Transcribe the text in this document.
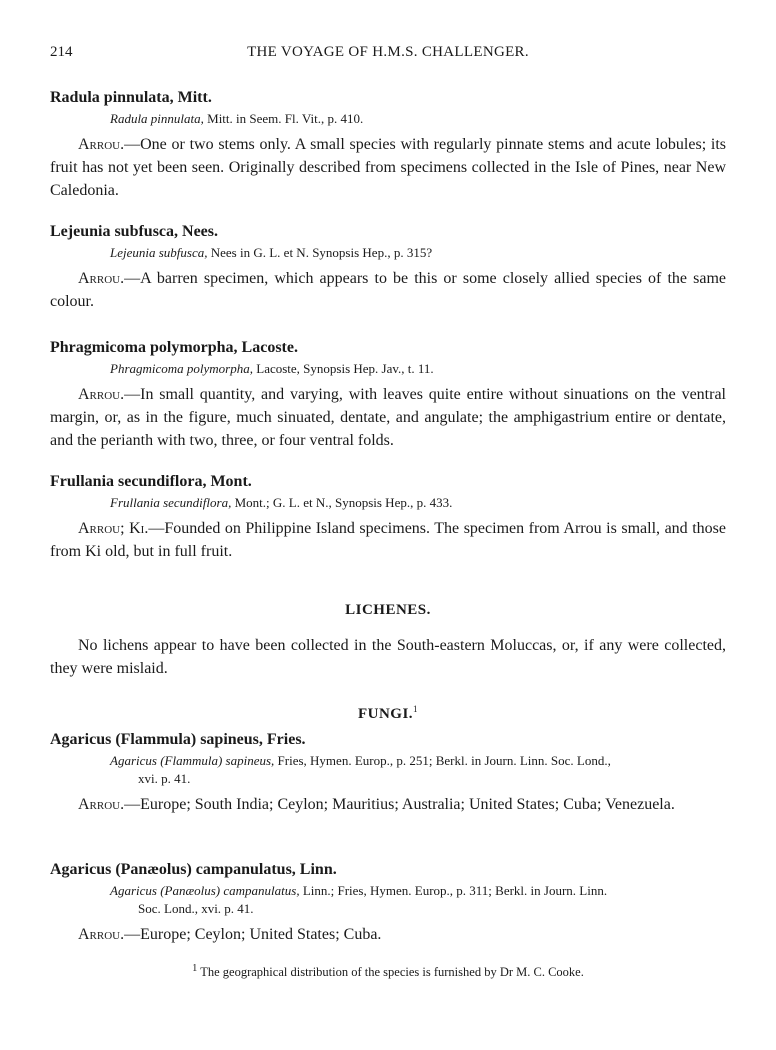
214	THE VOYAGE OF H.M.S. CHALLENGER.
Radula pinnulata, Mitt.
Radula pinnulata, Mitt. in Seem. Fl. Vit., p. 410.
Arrou.—One or two stems only. A small species with regularly pinnate stems and acute lobules; its fruit has not yet been seen. Originally described from specimens collected in the Isle of Pines, near New Caledonia.
Lejeunia subfusca, Nees.
Lejeunia subfusca, Nees in G. L. et N. Synopsis Hep., p. 315?
Arrou.—A barren specimen, which appears to be this or some closely allied species of the same colour.
Phragmicoma polymorpha, Lacoste.
Phragmicoma polymorpha, Lacoste, Synopsis Hep. Jav., t. 11.
Arrou.—In small quantity, and varying, with leaves quite entire without sinuations on the ventral margin, or, as in the figure, much sinuated, dentate, and angulate; the amphigastrium entire or dentate, and the perianth with two, three, or four ventral folds.
Frullania secundiflora, Mont.
Frullania secundiflora, Mont.; G. L. et N., Synopsis Hep., p. 433.
Arrou; Ki.—Founded on Philippine Island specimens. The specimen from Arrou is small, and those from Ki old, but in full fruit.
LICHENES.
No lichens appear to have been collected in the South-eastern Moluccas, or, if any were collected, they were mislaid.
FUNGI.$^1$
Agaricus (Flammula) sapineus, Fries.
Agaricus (Flammula) sapineus, Fries, Hymen. Europ., p. 251; Berkl. in Journ. Linn. Soc. Lond.,
xvi. p. 41.
Arrou.—Europe; South India; Ceylon; Mauritius; Australia; United States; Cuba; Venezuela.
Agaricus (Panæolus) campanulatus, Linn.
Agaricus (Panæolus) campanulatus, Linn.; Fries, Hymen. Europ., p. 311; Berkl. in Journ. Linn.
Soc. Lond., xvi. p. 41.
Arrou.—Europe; Ceylon; United States; Cuba.
$^1$ The geographical distribution of the species is furnished by Dr M. C. Cooke.
